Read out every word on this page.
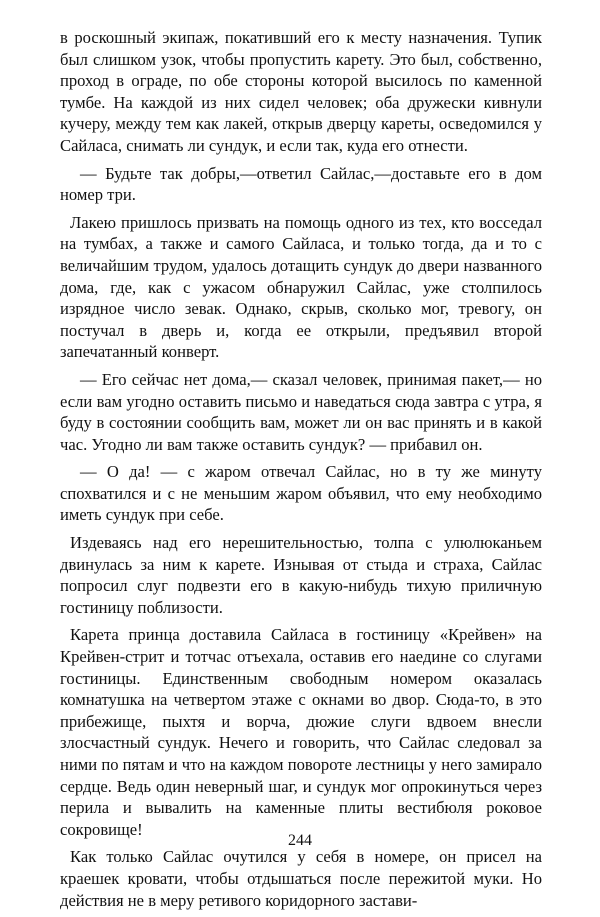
в роскошный экипаж, покативший его к месту назначения. Тупик был слишком узок, чтобы пропустить карету. Это был, собственно, проход в ограде, по обе стороны которой высилось по каменной тумбе. На каждой из них сидел человек; оба дружески кивнули кучеру, между тем как лакей, открыв дверцу кареты, осведомился у Сайласа, снимать ли сундук, и если так, куда его отнести.

— Будьте так добры,—ответил Сайлас,—доставьте его в дом номер три.

Лакею пришлось призвать на помощь одного из тех, кто восседал на тумбах, а также и самого Сайласа, и только тогда, да и то с величайшим трудом, удалось дотащить сундук до двери названного дома, где, как с ужасом обнаружил Сайлас, уже столпилось изрядное число зевак. Однако, скрыв, сколько мог, тревогу, он постучал в дверь и, когда ее открыли, предъявил второй запечатанный конверт.

— Его сейчас нет дома,— сказал человек, принимая пакет,— но если вам угодно оставить письмо и наведаться сюда завтра с утра, я буду в состоянии сообщить вам, может ли он вас принять и в какой час. Угодно ли вам также оставить сундук? — прибавил он.

— О да! — с жаром отвечал Сайлас, но в ту же минуту спохватился и с не меньшим жаром объявил, что ему необходимо иметь сундук при себе.

Издеваясь над его нерешительностью, толпа с улюлюканьем двинулась за ним к карете. Изнывая от стыда и страха, Сайлас попросил слуг подвезти его в какую-нибудь тихую приличную гостиницу поблизости.

Карета принца доставила Сайласа в гостиницу «Крейвен» на Крейвен-стрит и тотчас отъехала, оставив его наедине со слугами гостиницы. Единственным свободным номером оказалась комнатушка на четвертом этаже с окнами во двор. Сюда-то, в это прибежище, пыхтя и ворча, дюжие слуги вдвоем внесли злосчастный сундук. Нечего и говорить, что Сайлас следовал за ними по пятам и что на каждом повороте лестницы у него замирало сердце. Ведь один неверный шаг, и сундук мог опрокинуться через перила и вывалить на каменные плиты вестибюля роковое сокровище!

Как только Сайлас очутился у себя в номере, он присел на краешек кровати, чтобы отдышаться после пережитой муки. Но действия не в меру ретивого коридорного застави-

244
